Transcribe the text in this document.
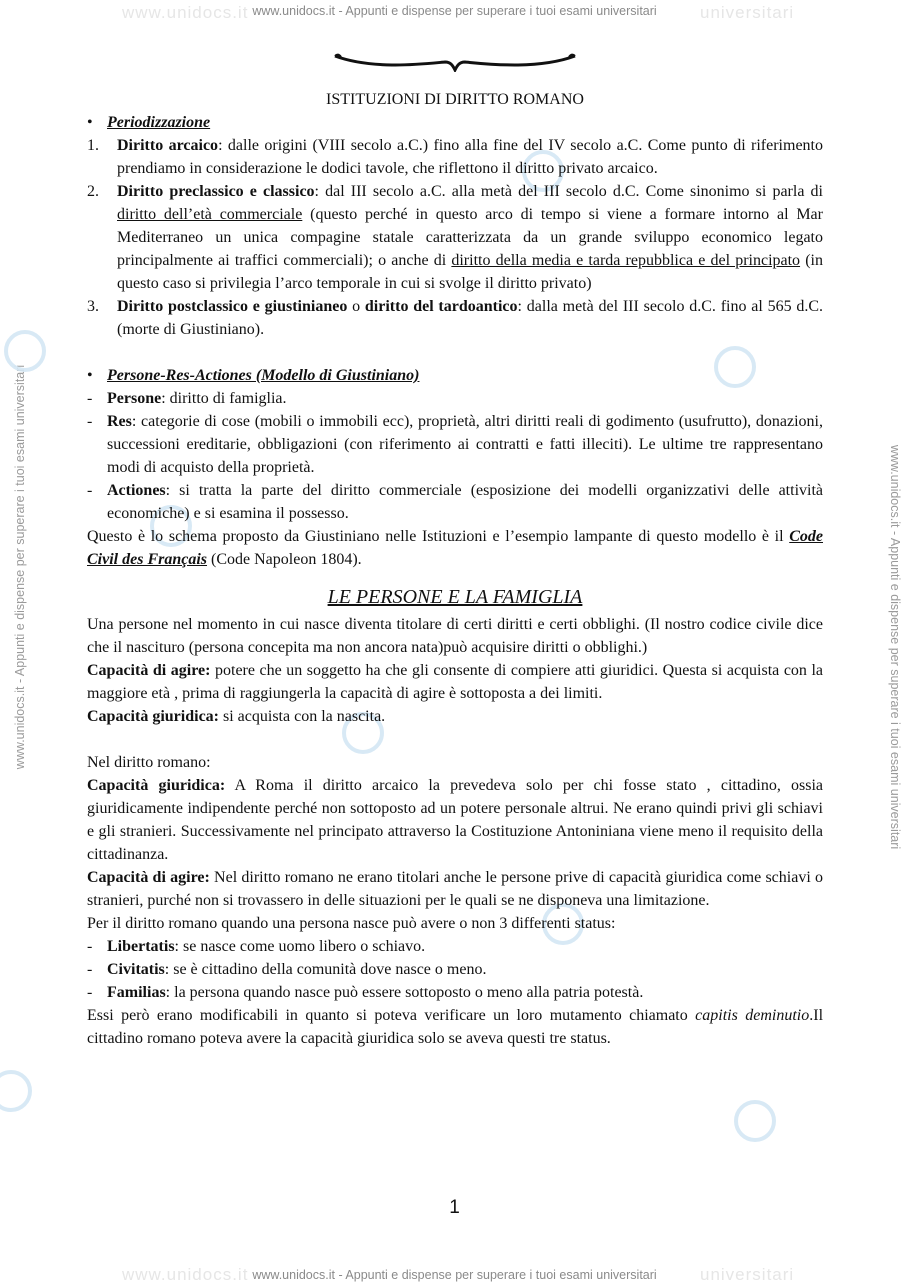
www.unidocs.it	universitari
www.unidocs.it - Appunti e dispense per superare i tuoi esami universitari
www.unidocs.it	universitari
www.unidocs.it - Appunti e dispense per superare i tuoi esami universitari
www.unidocs.it - Appunti e dispense per superare i tuoi esami universitari	www.unidocs.it - Appunti e dispense per superare i tuoi esami universitari
ISTITUZIONI DI DIRITTO ROMANO
• Periodizzazione
1. Diritto arcaico: dalle origini (VIII secolo a.C.) fino alla fine del IV secolo a.C. Come punto di riferimento prendiamo in considerazione le dodici tavole, che riflettono il diritto privato arcaico.
2. Diritto preclassico e classico: dal III secolo a.C. alla metà del III secolo d.C. Come sinonimo si parla di diritto dell’età commerciale (questo perché in questo arco di tempo si viene a formare intorno al Mar Mediterraneo un unica compagine statale caratterizzata da un grande sviluppo economico legato principalmente ai traffici commerciali); o anche di diritto della media e tarda repubblica e del principato (in questo caso si privilegia l’arco temporale in cui si svolge il diritto privato)
3. Diritto postclassico e giustinianeo o diritto del tardoantico: dalla metà del III secolo d.C. fino al 565 d.C. (morte di Giustiniano).
• Persone-Res-Actiones (Modello di Giustiniano)
- Persone: diritto di famiglia.
- Res: categorie di cose (mobili o immobili ecc), proprietà, altri diritti reali di godimento (usufrutto), donazioni, successioni ereditarie, obbligazioni (con riferimento ai contratti e fatti illeciti). Le ultime tre rappresentano modi di acquisto della proprietà.
- Actiones: si tratta la parte del diritto commerciale (esposizione dei modelli organizzativi delle attività economiche) e si esamina il possesso.

Questo è lo schema proposto da Giustiniano nelle Istituzioni e l’esempio lampante di questo modello è il Code Civil des Français (Code Napoleon 1804).

LE PERSONE E LA FAMIGLIA

Una persone nel momento in cui nasce diventa titolare di certi diritti e certi obblighi. (Il nostro codice civile dice che il nascituro (persona concepita ma non ancora nata)può acquisire diritti o obblighi.)

Capacità di agire: potere che un soggetto ha che gli consente di compiere atti giuridici. Questa si acquista con la maggiore età , prima di raggiungerla la capacità di agire è sottoposta a dei limiti.

Capacità giuridica: si acquista con la nascita.

Nel diritto romano:

Capacità giuridica: A Roma il diritto arcaico la prevedeva solo per chi fosse stato , cittadino, ossia giuridicamente indipendente perché non sottoposto ad un potere personale altrui. Ne erano quindi privi gli schiavi e gli stranieri. Successivamente nel principato attraverso la Costituzione Antoniniana viene meno il requisito della cittadinanza.

Capacità di agire: Nel diritto romano ne erano titolari anche le persone prive di capacità giuridica come schiavi o stranieri, purché non si trovassero in delle situazioni per le quali se ne disponeva una limitazione.

Per il diritto romano quando una persona nasce può avere o non 3 differenti status:

- Libertatis: se nasce come uomo libero o schiavo.
- Civitatis: se è cittadino della comunità dove nasce o meno.
- Familias: la persona quando nasce può essere sottoposto o meno alla patria potestà.

Essi però erano modificabili in quanto si poteva verificare un loro mutamento chiamato capitis deminutio.Il cittadino romano poteva avere la capacità giuridica solo se aveva questi tre status.

1
